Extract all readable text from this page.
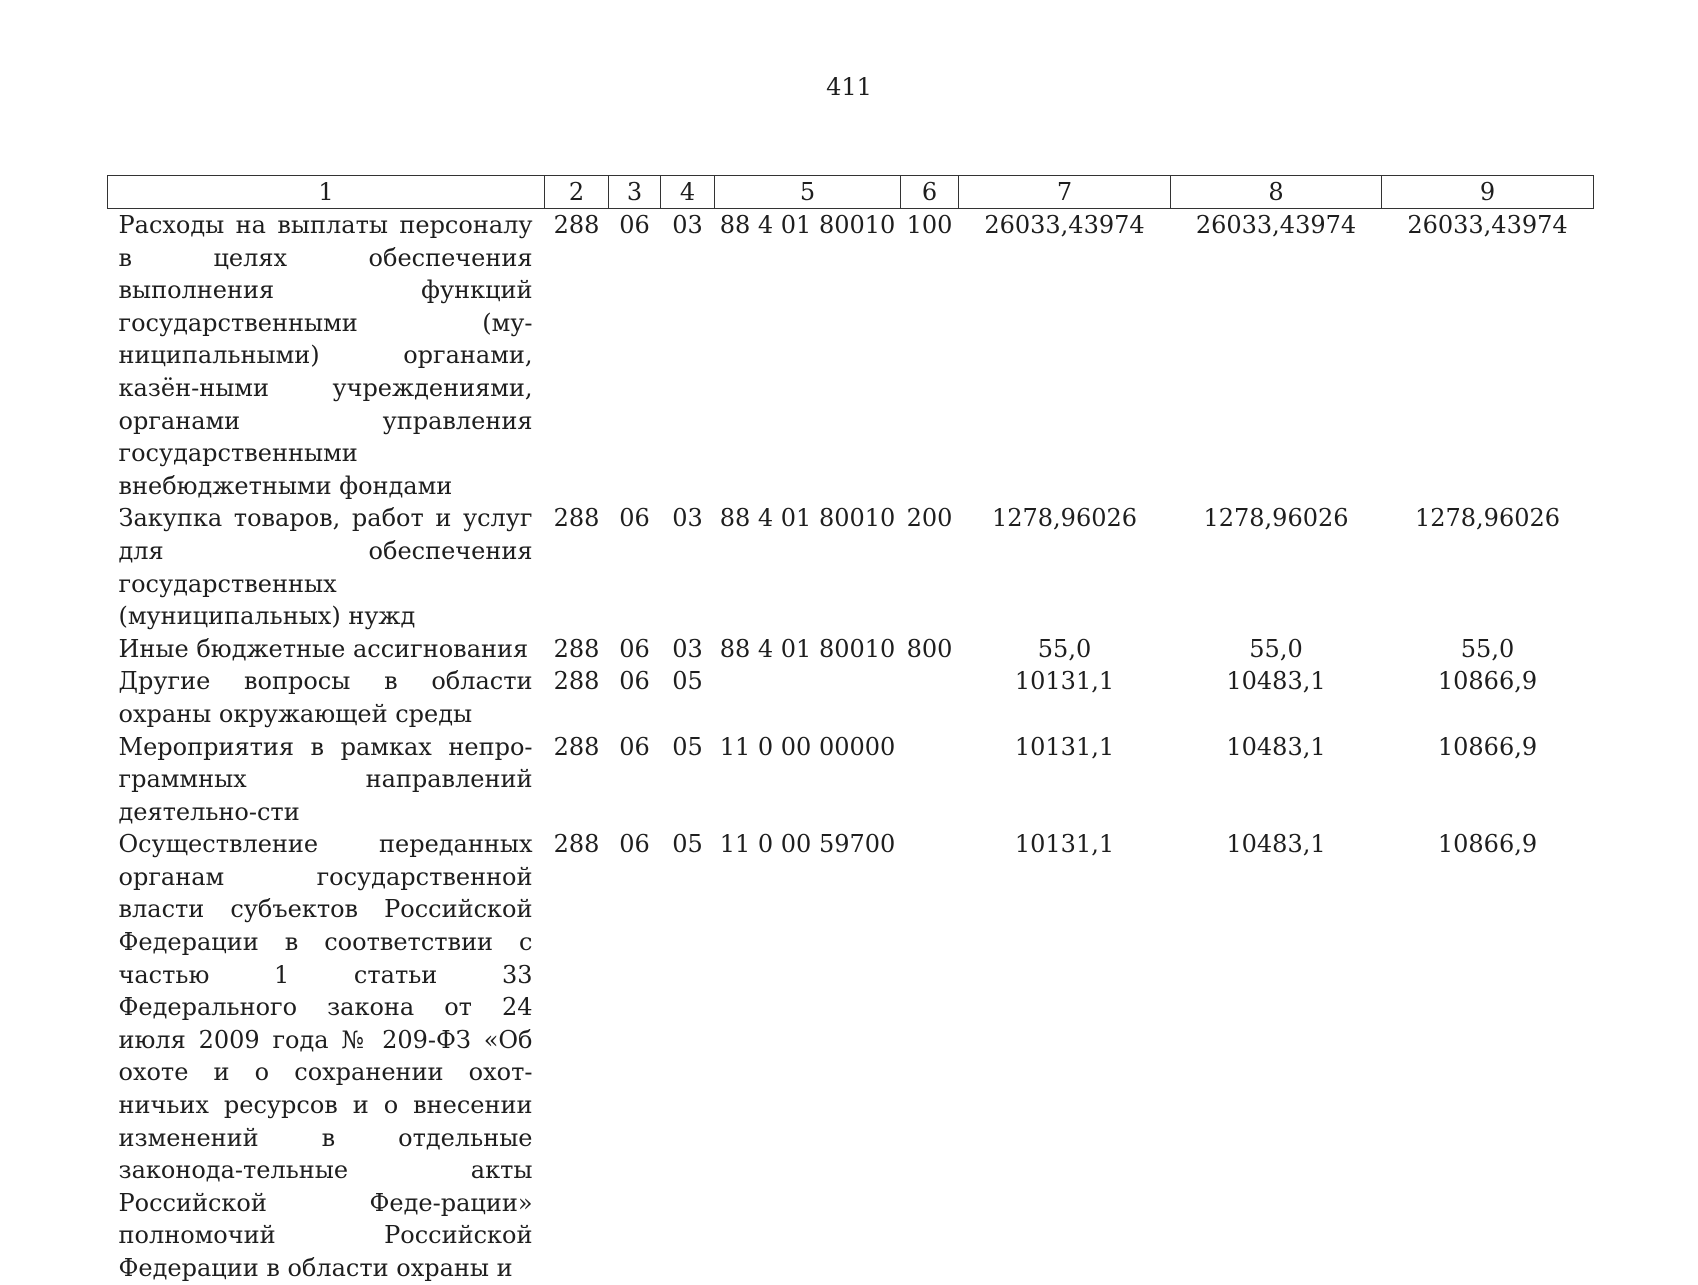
411
1	2	3	4	5	6	7	8	9
Расходы на выплаты персоналу в целях обеспечения выполнения функций государственными (му-ниципальными) органами, казён-ными учреждениями, органами управления государственными внебюджетными фондами	288	06	03	88 4 01 80010	100	26033,43974	26033,43974	26033,43974
Закупка товаров, работ и услуг для обеспечения государственных (муниципальных) нужд	288	06	03	88 4 01 80010	200	1278,96026	1278,96026	1278,96026
Иные бюджетные ассигнования	288	06	03	88 4 01 80010	800	55,0	55,0	55,0
Другие вопросы в области охраны окружающей среды	288	06	05			10131,1	10483,1	10866,9
Мероприятия в рамках непро-граммных направлений деятельно-сти	288	06	05	11 0 00 00000		10131,1	10483,1	10866,9
Осуществление переданных органам государственной власти субъектов Российской Федерации в соответствии с частью 1 статьи 33 Федерального закона от 24 июля 2009 года № 209-ФЗ «Об охоте и о сохранении охот-ничьих ресурсов и о внесении изменений в отдельные законода-тельные акты Российской Феде-рации» полномочий Российской Федерации в области охраны и	288	06	05	11 0 00 59700		10131,1	10483,1	10866,9
